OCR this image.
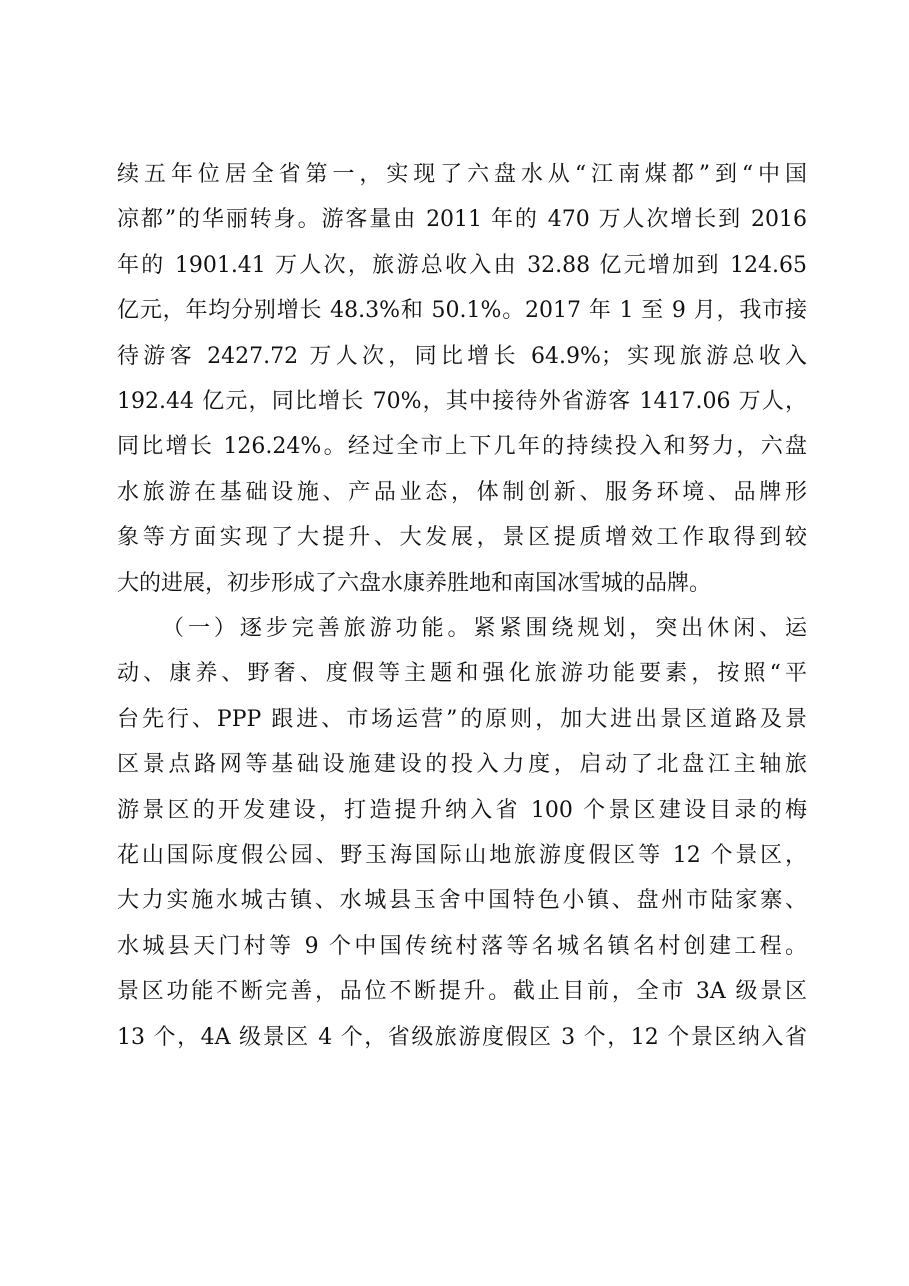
续五年位居全省第一，实现了六盘水从“江南煤都”到“中国
凉都”的华丽转身。游客量由 2011 年的 470 万人次增长到 2016
年的 1901.41 万人次，旅游总收入由 32.88 亿元增加到 124.65
亿元，年均分别增长 48.3%和 50.1%。2017 年 1 至 9 月，我市接
待游客 2427.72 万人次，同比增长 64.9%；实现旅游总收入
192.44 亿元，同比增长 70%，其中接待外省游客 1417.06 万人，
同比增长 126.24%。经过全市上下几年的持续投入和努力，六盘
水旅游在基础设施、产品业态，体制创新、服务环境、品牌形
象等方面实现了大提升、大发展，景区提质增效工作取得到较
大的进展，初步形成了六盘水康养胜地和南国冰雪城的品牌。
（一）逐步完善旅游功能。紧紧围绕规划，突出休闲、运
动、康养、野奢、度假等主题和强化旅游功能要素，按照“平
台先行、PPP 跟进、市场运营”的原则，加大进出景区道路及景
区景点路网等基础设施建设的投入力度，启动了北盘江主轴旅
游景区的开发建设，打造提升纳入省 100 个景区建设目录的梅
花山国际度假公园、野玉海国际山地旅游度假区等 12 个景区，
大力实施水城古镇、水城县玉舍中国特色小镇、盘州市陆家寨、
水城县天门村等 9 个中国传统村落等名城名镇名村创建工程。
景区功能不断完善，品位不断提升。截止目前，全市 3A 级景区
13 个，4A 级景区 4 个，省级旅游度假区 3 个，12 个景区纳入省
